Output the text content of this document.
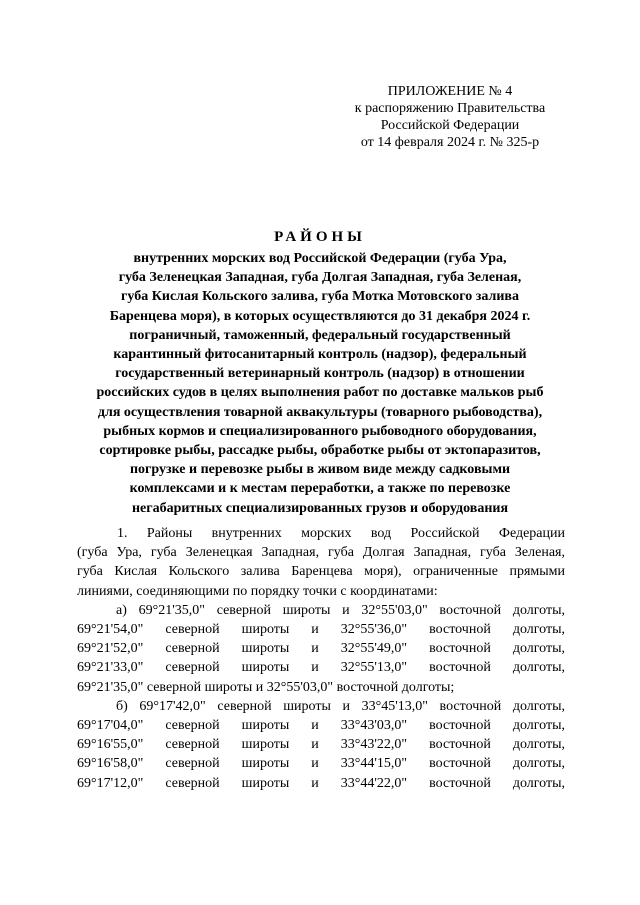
ПРИЛОЖЕНИЕ № 4
к распоряжению Правительства
Российской Федерации
от 14 февраля 2024 г. № 325-р
РАЙОНЫ
внутренних морских вод Российской Федерации (губа Ура,
губа Зеленецкая Западная, губа Долгая Западная, губа Зеленая,
губа Кислая Кольского залива, губа Мотка Мотовского залива
Баренцева моря), в которых осуществляются до 31 декабря 2024 г.
пограничный, таможенный, федеральный государственный
карантинный фитосанитарный контроль (надзор), федеральный
государственный ветеринарный контроль (надзор) в отношении
российских судов в целях выполнения работ по доставке мальков рыб
для осуществления товарной аквакультуры (товарного рыбоводства),
рыбных кормов и специализированного рыбоводного оборудования,
сортировке рыбы, рассадке рыбы, обработке рыбы от эктопаразитов,
погрузке и перевозке рыбы в живом виде между садковыми
комплексами и к местам переработки, а также по перевозке
негабаритных специализированных грузов и оборудования
1. Районы внутренних морских вод Российской Федерации
(губа Ура, губа Зеленецкая Западная, губа Долгая Западная, губа Зеленая,
губа Кислая Кольского залива Баренцева моря), ограниченные прямыми
линиями, соединяющими по порядку точки с координатами:
а) 69°21'35,0" северной широты и 32°55'03,0" восточной долготы,
69°21'54,0" северной широты и 32°55'36,0" восточной долготы,
69°21'52,0" северной широты и 32°55'49,0" восточной долготы,
69°21'33,0" северной широты и 32°55'13,0" восточной долготы,
69°21'35,0" северной широты и 32°55'03,0" восточной долготы;
б) 69°17'42,0" северной широты и 33°45'13,0" восточной долготы,
69°17'04,0" северной широты и 33°43'03,0" восточной долготы,
69°16'55,0" северной широты и 33°43'22,0" восточной долготы,
69°16'58,0" северной широты и 33°44'15,0" восточной долготы,
69°17'12,0" северной широты и 33°44'22,0" восточной долготы,
